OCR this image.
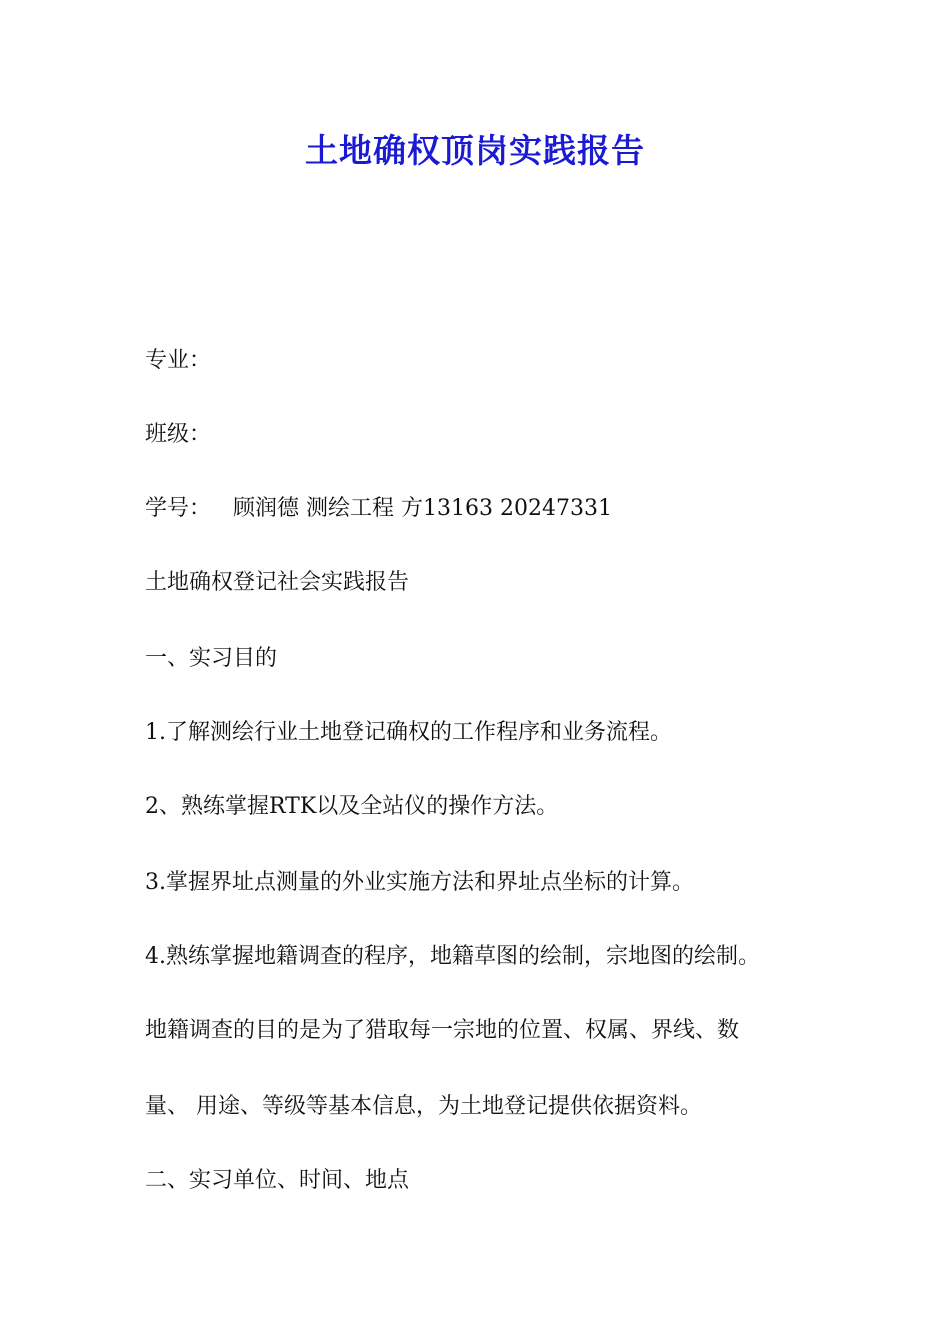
土地确权顶岗实践报告
专业：
班级：
学号： 顾润德 测绘工程 方13163 20247331
土地确权登记社会实践报告
一、实习目的
1.了解测绘行业土地登记确权的工作程序和业务流程。
2、熟练掌握RTK以及全站仪的操作方法。
3.掌握界址点测量的外业实施方法和界址点坐标的计算。
4.熟练掌握地籍调查的程序，地籍草图的绘制，宗地图的绘制。
地籍调查的目的是为了猎取每一宗地的位置、权属、界线、数
量、 用途、等级等基本信息，为土地登记提供依据资料。
二、实习单位、时间、地点
